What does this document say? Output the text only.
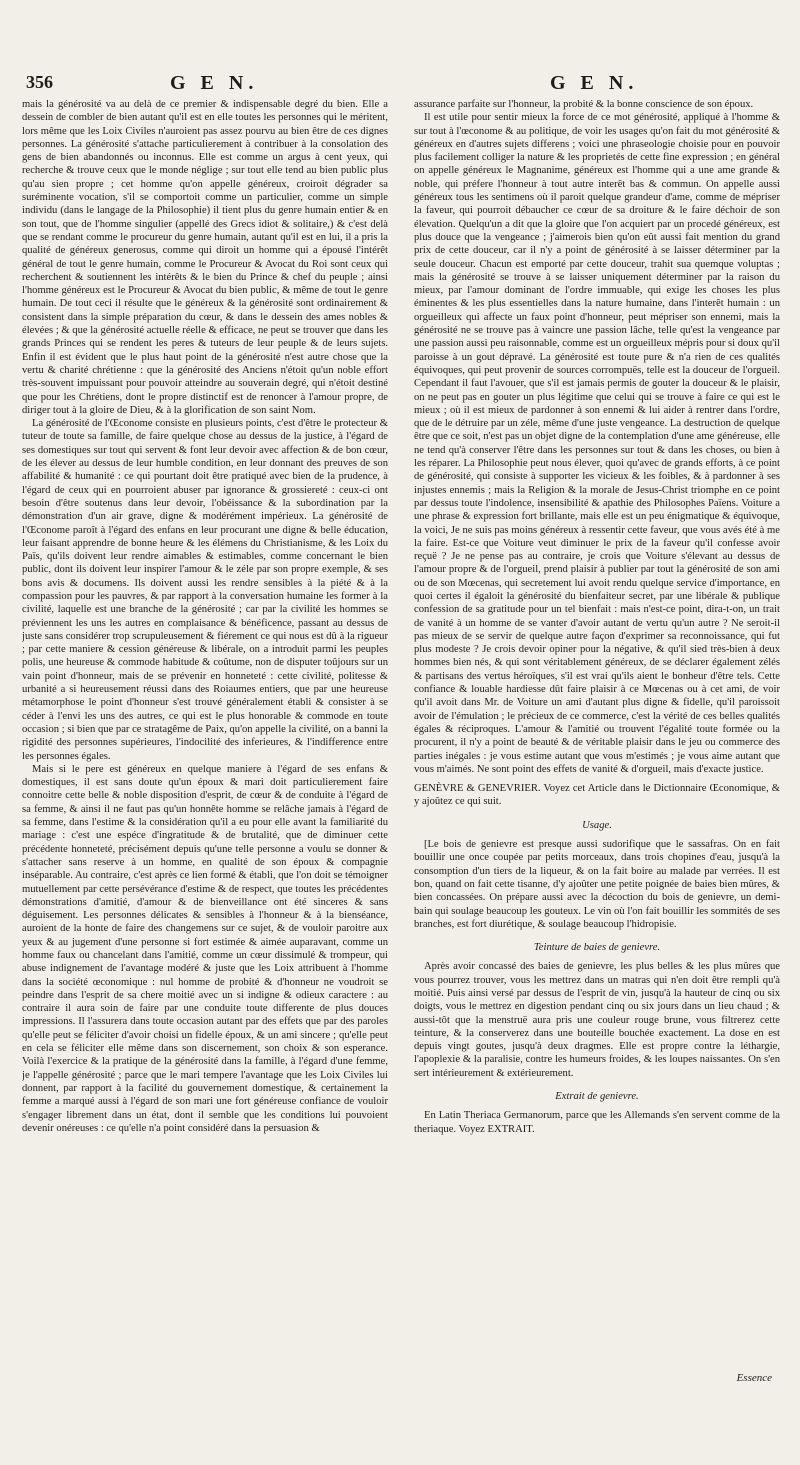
356	G E N.	G E N.

mais la générosité va au delà de ce premier & indispensable degré du bien. Elle a dessein de combler de bien autant qu'il est en elle toutes les personnes qui le méritent, lors même que les Loix Civiles n'auroient pas assez pourvu au bien être de ces dignes personnes. La générosité s'attache particulierement à contribuer à la consolation des gens de bien abandonnés ou inconnus. Elle est comme un argus à cent yeux, qui recherche & trouve ceux que le monde néglige ; sur tout elle tend au bien public plus qu'au sien propre ; cet homme qu'on appelle généreux, croiroit dégrader sa suréminente vocation, s'il se comportoit comme un particulier, comme un simple individu (dans le langage de la Philosophie) il tient plus du genre humain entier & en son tout, que de l'homme singulier (appellé des Grecs idiot & solitaire,) & c'est delà que se rendant comme le procureur du genre humain, autant qu'il est en lui, il a pris la qualité de généreux generosus, comme qui diroit un homme qui a épousé l'intérêt général de tout le genre humain, comme le Procureur & Avocat du Roi sont ceux qui recherchent & soutiennent les intérêts & le bien du Prince & chef du peuple ; ainsi l'homme généreux est le Procureur & Avocat du bien public, & même de tout le genre humain. De tout ceci il résulte que le généreux & la générosité sont ordinairement & consistent dans la simple préparation du cœur, & dans le dessein des ames nobles & élevées ; & que la générosité actuelle réelle & efficace, ne peut se trouver que dans les grands Princes qui se rendent les peres & tuteurs de leur peuple & de leurs sujets. Enfin il est évident que le plus haut point de la générosité n'est autre chose que la vertu & charité chrétienne : que la générosité des Anciens n'étoit qu'un noble effort très-souvent impuissant pour pouvoir atteindre au souverain degré, qui n'étoit destiné que pour les Chrétiens, dont le propre distinctif est de renoncer à l'amour propre, de diriger tout à la gloire de Dieu, & à la glorification de son saint Nom.

La générosité de l'Œconome consiste en plusieurs points, c'est d'être le protecteur & tuteur de toute sa famille, de faire quelque chose au dessus de la justice, à l'égard de ses domestiques sur tout qui servent & font leur devoir avec affection & de bon cœur, de les élever au dessus de leur humble condition, en leur donnant des preuves de son affabilité & humanité : ce qui pourtant doit être pratiqué avec bien de la prudence, à l'égard de ceux qui en pourroient abuser par ignorance & grossiereté : ceux-ci ont besoin d'être soutenus dans leur devoir, l'obéissance & la subordination par la démonstration d'un air grave, digne & modérément impérieux. La générosité de l'Œconome paroît à l'égard des enfans en leur procurant une digne & belle éducation, leur faisant apprendre de bonne heure & les élémens du Christianisme, & les Loix du Païs, qu'ils doivent leur rendre aimables & estimables, comme concernant le bien public, dont ils doivent leur inspirer l'amour & le zéle par son propre exemple, & ses bons avis & documens. Ils doivent aussi les rendre sensibles à la piété & à la compassion pour les pauvres, & par rapport à la conversation humaine les former à la civilité, laquelle est une branche de la générosité ; car par la civilité les hommes se préviennent les uns les autres en complaisance & bénéficence, passant au dessus de juste sans considérer trop scrupuleusement & fiérement ce qui nous est dû à la rigueur ; par cette maniere & cession généreuse & libérale, on a introduit parmi les peuples polis, une heureuse & commode habitude & coûtume, non de disputer toûjours sur un vain point d'honneur, mais de se prévenir en honneteté : cette civilité, politesse & urbanité a si heureusement réussi dans des Roiaumes entiers, que par une heureuse métamorphose le point d'honneur s'est trouvé généralement établi & consister à se céder à l'envi les uns des autres, ce qui est le plus honorable & commode en toute occasion ; si bien que par ce stratagême de Paix, qu'on appelle la civilité, on a banni la rigidité des personnes supérieures, l'indocilité des inferieures, & l'indifference entre les personnes égales.

Mais si le pere est généreux en quelque maniere à l'égard de ses enfans & domestiques, il est sans doute qu'un époux & mari doit particulierement faire connoitre cette belle & noble disposition d'esprit, de cœur & de conduite à l'égard de sa femme, & ainsi il ne faut pas qu'un honnête homme se relâche jamais à l'égard de sa femme, dans l'estime & la considération qu'il a eu pour elle avant la familiarité du mariage : c'est une espéce d'ingratitude & de brutalité, que de diminuer cette précédente honneteté, précisément depuis qu'une telle personne a voulu se donner & s'attacher sans reserve à un homme, en qualité de son époux & compagnie inséparable. Au contraire, c'est après ce lien formé & établi, que l'on doit se témoigner mutuellement par cette persévérance d'estime & de respect, que toutes les précédentes démonstrations d'amitié, d'amour & de bienveillance ont été sinceres & sans déguisement. Les personnes délicates & sensibles à l'honneur & à la bienséance, auroient de la honte de faire des changemens sur ce sujet, & de vouloir paroitre aux yeux & au jugement d'une personne si fort estimée & aimée auparavant, comme un homme faux ou chancelant dans l'amitié, comme un cœur dissimulé & trompeur, qui abuse indignement de l'avantage modéré & juste que les Loix attribuent à l'homme dans la société œconomique : nul homme de probité & d'honneur ne voudroit se peindre dans l'esprit de sa chere moitié avec un si indigne & odieux caractere : au contraire il aura soin de faire par une conduite toute differente de plus douces impressions. Il l'assurera dans toute occasion autant par des effets que par des paroles qu'elle peut se féliciter d'avoir choisi un fidelle époux, & un ami sincere ; qu'elle peut en cela se féliciter elle même dans son discernement, son choix & son esperance. Voilà l'exercice & la pratique de la générosité dans la famille, à l'égard d'une femme, je l'appelle générosité ; parce que le mari tempere l'avantage que les Loix Civiles lui donnent, par rapport à la facilité du gouvernement domestique, & certainement la femme a marqué aussi à l'égard de son mari une fort généreuse confiance de vouloir s'engager librement dans un état, dont il semble que les conditions lui pouvoient devenir onéreuses : ce qu'elle n'a point considéré dans la persuasion &

assurance parfaite sur l'honneur, la probité & la bonne conscience de son époux.

Il est utile pour sentir mieux la force de ce mot générosité, appliqué à l'homme & sur tout à l'œconome & au politique, de voir les usages qu'on fait du mot générosité & généreux en d'autres sujets differens ; voici une phraseologie choisie pour en pouvoir plus facilement colliger la nature & les proprietés de cette fine expression ; en général on appelle généreux le Magnanime, généreux est l'homme qui a une ame grande & noble, qui préfere l'honneur à tout autre interêt bas & commun. On appelle aussi généreux tous les sentimens où il paroit quelque grandeur d'ame, comme de mépriser la faveur, qui pourroit débaucher ce cœur de sa droiture & le faire déchoir de son élevation. Quelqu'un a dit que la gloire que l'on acquiert par un procedé généreux, est plus douce que la vengeance ; j'aimerois bien qu'on eût aussi fait mention du grand prix de cette douceur, car il n'y a point de générosité à se laisser déterminer par la seule douceur. Chacun est emporté par cette douceur, trahit sua quemque voluptas ; mais la générosité se trouve à se laisser uniquement déterminer par la raison du mieux, par l'amour dominant de l'ordre immuable, qui exige les choses les plus éminentes & les plus essentielles dans la nature humaine, dans l'interêt humain : un orgueilleux qui affecte un faux point d'honneur, peut mépriser son ennemi, mais la générosité ne se trouve pas à vaincre une passion lâche, telle qu'est la vengeance par une passion aussi peu raisonnable, comme est un orgueilleux mépris pour si doux qu'il paroisse à un gout dépravé. La générosité est toute pure & n'a rien de ces qualités équivoques, qui peut provenir de sources corrompuës, telle est la douceur de l'orgueil. Cependant il faut l'avouer, que s'il est jamais permis de gouter la douceur & le plaisir, on ne peut pas en gouter un plus légitime que celui qui se trouve à faire ce qui est le mieux ; où il est mieux de pardonner à son ennemi & lui aider à rentrer dans l'ordre, que de le détruire par un zéle, même d'une juste vengeance. La destruction de quelque être que ce soit, n'est pas un objet digne de la contemplation d'une ame généreuse, elle ne tend qu'à conserver l'être dans les personnes sur tout & dans les choses, ou bien à les réparer. La Philosophie peut nous élever, quoi qu'avec de grands efforts, à ce point de générosité, qui consiste à supporter les vicieux & les foibles, & à pardonner à ses injustes ennemis ; mais la Religion & la morale de Jesus-Christ triomphe en ce point par dessus toute l'indolence, insensibilité & apathie des Philosophes Païens. Voiture a une phrase & expression fort brillante, mais elle est un peu énigmatique & équivoque, la voici, Je ne suis pas moins généreux à ressentir cette faveur, que vous avés été à me la faire. Est-ce que Voiture veut diminuer le prix de la faveur qu'il confesse avoir reçuë ? Je ne pense pas au contraire, je crois que Voiture s'élevant au dessus de l'amour propre & de l'orgueil, prend plaisir à publier par tout la générosité de son ami ou de son Mœcenas, qui secretement lui avoit rendu quelque service d'importance, en quoi certes il égaloit la générosité du bienfaiteur secret, par une libérale & publique confession de sa gratitude pour un tel bienfait : mais n'est-ce point, dira-t-on, un trait de vanité à un homme de se vanter d'avoir autant de vertu qu'un autre ? Ne seroit-il pas mieux de se servir de quelque autre façon d'exprimer sa reconnoissance, qui fut plus modeste ? Je crois devoir opiner pour la négative, & qu'il sied très-bien à deux hommes bien nés, & qui sont véritablement généreux, de se déclarer également zélés & partisans des vertus héroïques, s'il est vrai qu'ils aient le bonheur d'être tels. Cette confiance & louable hardiesse dût faire plaisir à ce Mœcenas ou à cet ami, de voir qu'il avoit dans Mr. de Voiture un ami d'autant plus digne & fidelle, qu'il paroissoit avoir de l'émulation ; le précieux de ce commerce, c'est la vérité de ces belles qualités égales & réciproques. L'amour & l'amitié ou trouvent l'égalité toute formée ou la procurent, il n'y a point de beauté & de véritable plaisir dans le jeu ou commerce des parties inégales : je vous estime autant que vous m'estimés ; je vous aime autant que vous m'aimés. Ne sont point des effets de vanité & d'orgueil, mais d'exacte justice.

GENÈVRE & GENEVRIER. Voyez cet Article dans le Dictionnaire Œconomique, & y ajoûtez ce qui suit.

Usage.

[Le bois de genievre est presque aussi sudorifique que le sassafras. On en fait bouillir une once coupée par petits morceaux, dans trois chopines d'eau, jusqu'à la consomption d'un tiers de la liqueur, & on la fait boire au malade par verrées. Il est bon, quand on fait cette tisanne, d'y ajoûter une petite poignée de baies bien mûres, & bien concassées. On prépare aussi avec la décoction du bois de genievre, un demi-bain qui soulage beaucoup les gouteux. Le vin où l'on fait bouillir les sommités de ses branches, est fort diurétique, & soulage beaucoup l'hidropisie.

Teinture de baies de genievre.

Après avoir concassé des baies de genievre, les plus belles & les plus mûres que vous pourrez trouver, vous les mettrez dans un matras qui n'en doit être rempli qu'à moitié. Puis ainsi versé par dessus de l'esprit de vin, jusqu'à la hauteur de cinq ou six doigts, vous le mettrez en digestion pendant cinq ou six jours dans un lieu chaud ; & aussi-tôt que la menstruë aura pris une couleur rouge brune, vous filtrerez cette teinture, & la conserverez dans une bouteille bouchée exactement. La dose en est depuis vingt goutes, jusqu'à deux dragmes. Elle est propre contre la léthargie, l'apoplexie & la paralisie, contre les humeurs froides, & les loupes naissantes. On s'en sert intérieurement & extérieurement.

Extrait de genievre.

En Latin Theriaca Germanorum, parce que les Allemands s'en servent comme de la theriaque. Voyez EXTRAIT.

Essence
